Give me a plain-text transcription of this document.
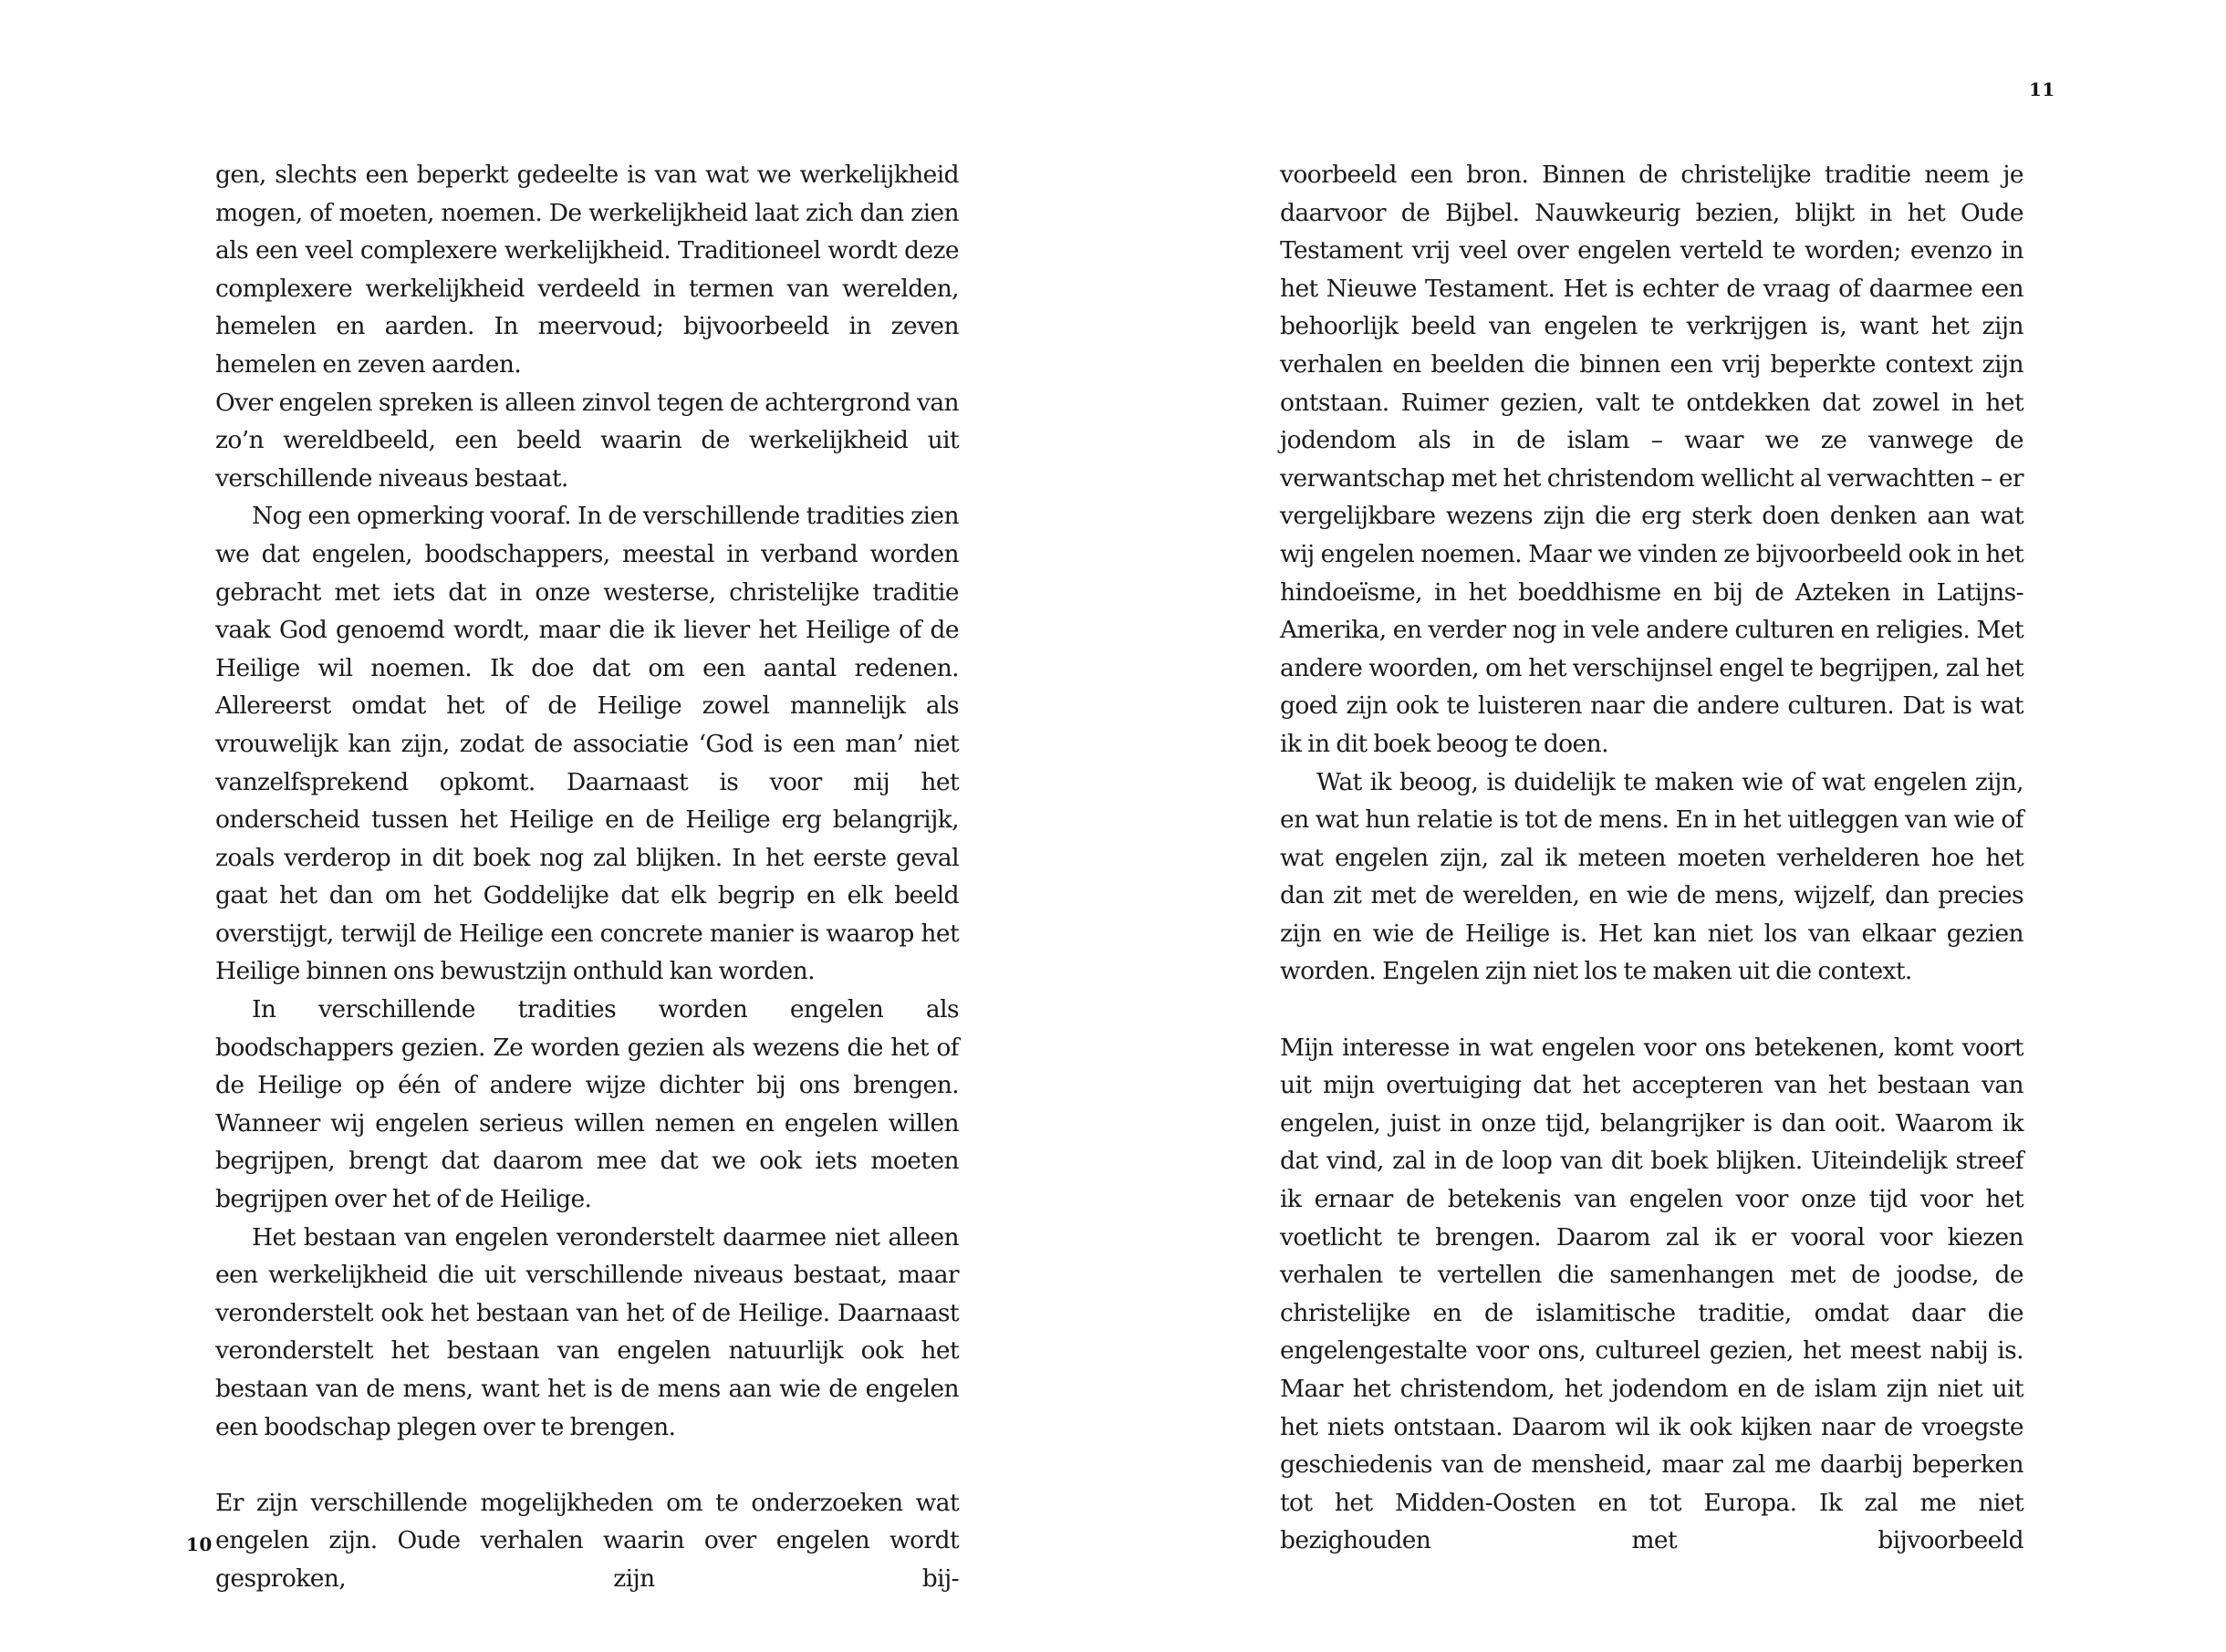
gen, slechts een beperkt gedeelte is van wat we werkelijkheid mogen, of moeten, noemen. De werkelijkheid laat zich dan zien als een veel complexere werkelijkheid. Traditioneel wordt deze complexere werkelijkheid verdeeld in termen van werelden, hemelen en aarden. In meervoud; bijvoorbeeld in zeven hemelen en zeven aarden.

Over engelen spreken is alleen zinvol tegen de achtergrond van zo’n wereldbeeld, een beeld waarin de werkelijkheid uit verschillende niveaus bestaat.

Nog een opmerking vooraf. In de verschillende tradities zien we dat engelen, boodschappers, meestal in verband worden gebracht met iets dat in onze westerse, christelijke traditie vaak God genoemd wordt, maar die ik liever het Heilige of de Heilige wil noemen. Ik doe dat om een aantal redenen. Allereerst omdat het of de Heilige zowel mannelijk als vrouwelijk kan zijn, zodat de associatie ‘God is een man’ niet vanzelfsprekend opkomt. Daarnaast is voor mij het onderscheid tussen het Heilige en de Heilige erg belangrijk, zoals verderop in dit boek nog zal blijken. In het eerste geval gaat het dan om het Goddelijke dat elk begrip en elk beeld overstijgt, terwijl de Heilige een concrete manier is waarop het Heilige binnen ons bewustzijn onthuld kan worden.

In verschillende tradities worden engelen als boodschappers gezien. Ze worden gezien als wezens die het of de Heilige op één of andere wijze dichter bij ons brengen. Wanneer wij engelen serieus willen nemen en engelen willen begrijpen, brengt dat daarom mee dat we ook iets moeten begrijpen over het of de Heilige.

Het bestaan van engelen veronderstelt daarmee niet alleen een werkelijkheid die uit verschillende niveaus bestaat, maar veronderstelt ook het bestaan van het of de Heilige. Daarnaast veronderstelt het bestaan van engelen natuurlijk ook het bestaan van de mens, want het is de mens aan wie de engelen een boodschap plegen over te brengen.

Er zijn verschillende mogelijkheden om te onderzoeken wat engelen zijn. Oude verhalen waarin over engelen wordt gesproken, zijn bij-

10
11

voorbeeld een bron. Binnen de christelijke traditie neem je daarvoor de Bijbel. Nauwkeurig bezien, blijkt in het Oude Testament vrij veel over engelen verteld te worden; evenzo in het Nieuwe Testament. Het is echter de vraag of daarmee een behoorlijk beeld van engelen te verkrijgen is, want het zijn verhalen en beelden die binnen een vrij beperkte context zijn ontstaan. Ruimer gezien, valt te ontdekken dat zowel in het jodendom als in de islam – waar we ze vanwege de verwantschap met het christendom wellicht al verwachtten – er vergelijkbare wezens zijn die erg sterk doen denken aan wat wij engelen noemen. Maar we vinden ze bijvoorbeeld ook in het hindoeïsme, in het boeddhisme en bij de Azteken in Latijns-Amerika, en verder nog in vele andere culturen en religies. Met andere woorden, om het verschijnsel engel te begrijpen, zal het goed zijn ook te luisteren naar die andere culturen. Dat is wat ik in dit boek beoog te doen.

Wat ik beoog, is duidelijk te maken wie of wat engelen zijn, en wat hun relatie is tot de mens. En in het uitleggen van wie of wat engelen zijn, zal ik meteen moeten verhelderen hoe het dan zit met de werelden, en wie de mens, wijzelf, dan precies zijn en wie de Heilige is. Het kan niet los van elkaar gezien worden. Engelen zijn niet los te maken uit die context.

Mijn interesse in wat engelen voor ons betekenen, komt voort uit mijn overtuiging dat het accepteren van het bestaan van engelen, juist in onze tijd, belangrijker is dan ooit. Waarom ik dat vind, zal in de loop van dit boek blijken. Uiteindelijk streef ik ernaar de betekenis van engelen voor onze tijd voor het voetlicht te brengen. Daarom zal ik er vooral voor kiezen verhalen te vertellen die samenhangen met de joodse, de christelijke en de islamitische traditie, omdat daar die engelengestalte voor ons, cultureel gezien, het meest nabij is. Maar het christendom, het jodendom en de islam zijn niet uit het niets ontstaan. Daarom wil ik ook kijken naar de vroegste geschiedenis van de mensheid, maar zal me daarbij beperken tot het Midden-Oosten en tot Europa. Ik zal me niet bezighouden met bijvoorbeeld
